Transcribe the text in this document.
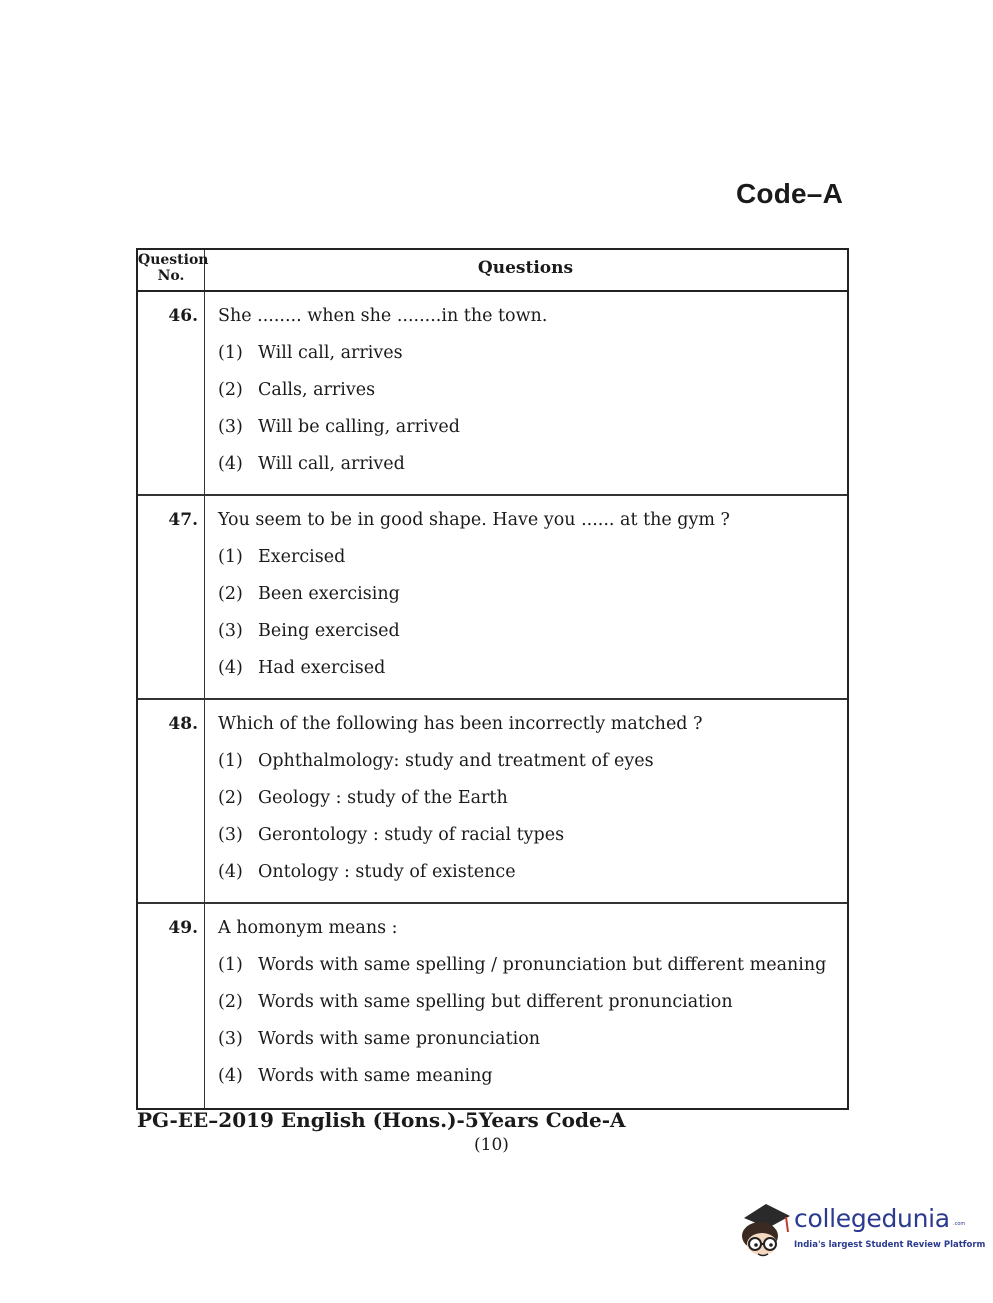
Code–A
Question
No.	Questions
46. She ........ when she ........in the town.
(1) Will call, arrives
(2) Calls, arrives
(3) Will be calling, arrived
(4) Will call, arrived
47. You seem to be in good shape. Have you ...... at the gym ?
(1) Exercised
(2) Been exercising
(3) Being exercised
(4) Had exercised
48. Which of the following has been incorrectly matched ?
(1) Ophthalmology: study and treatment of eyes
(2) Geology : study of the Earth
(3) Gerontology : study of racial types
(4) Ontology : study of existence
49. A homonym means :
(1) Words with same spelling / pronunciation but different meaning
(2) Words with same spelling but different pronunciation
(3) Words with same pronunciation
(4) Words with same meaning
PG-EE–2019 English (Hons.)-5Years Code-A
(10)
collegedunia .com
India's largest Student Review Platform
